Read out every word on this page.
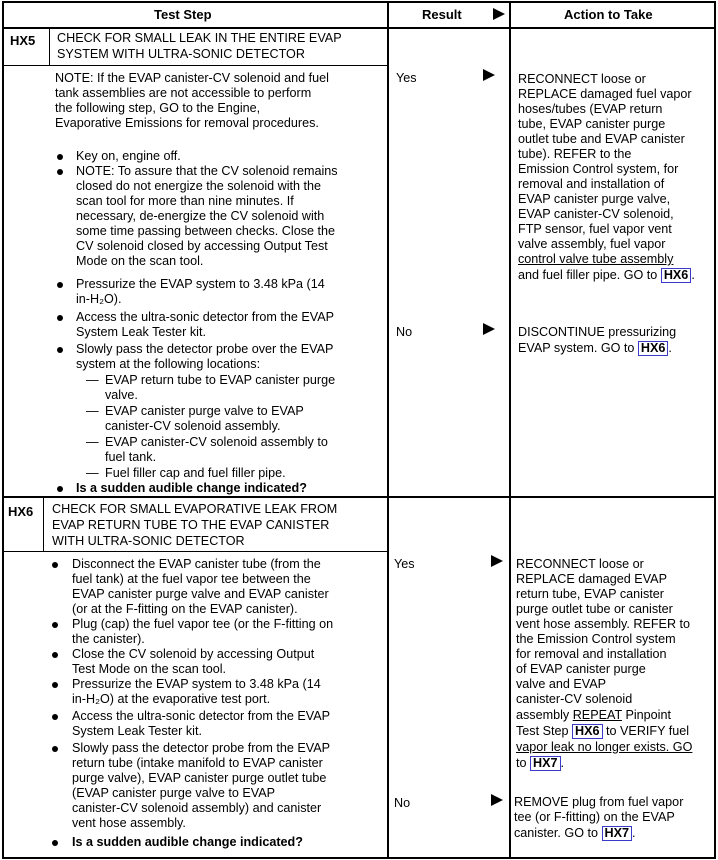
Test Step	Result	Action to Take
HX5 CHECK FOR SMALL LEAK IN THE ENTIRE EVAP
SYSTEM WITH ULTRA-SONIC DETECTOR
NOTE: If the EVAP canister-CV solenoid and fuel
tank assemblies are not accessible to perform
the following step, GO to the Engine,
Evaporative Emissions for removal procedures.
Key on, engine off.
NOTE: To assure that the CV solenoid remains
closed do not energize the solenoid with the
scan tool for more than nine minutes. If
necessary, de-energize the CV solenoid with
some time passing between checks. Close the
CV solenoid closed by accessing Output Test
Mode on the scan tool.
Pressurize the EVAP system to 3.48 kPa (14
in-H₂O).
Access the ultra-sonic detector from the EVAP
System Leak Tester kit.
Slowly pass the detector probe over the EVAP
system at the following locations:
— EVAP return tube to EVAP canister purge
valve.
— EVAP canister purge valve to EVAP
canister-CV solenoid assembly.
— EVAP canister-CV solenoid assembly to
fuel tank.
— Fuel filler cap and fuel filler pipe.
Is a sudden audible change indicated?
Yes	RECONNECT loose or
REPLACE damaged fuel vapor
hoses/tubes (EVAP return
tube, EVAP canister purge
outlet tube and EVAP canister
tube). REFER to the
Emission Control system, for
removal and installation of
EVAP canister purge valve,
EVAP canister-CV solenoid,
FTP sensor, fuel vapor vent
valve assembly, fuel vapor
control valve tube assembly
and fuel filler pipe. GO to HX6 .
No	DISCONTINUE pressurizing
EVAP system. GO to HX6 .
HX6 CHECK FOR SMALL EVAPORATIVE LEAK FROM
EVAP RETURN TUBE TO THE EVAP CANISTER
WITH ULTRA-SONIC DETECTOR
Disconnect the EVAP canister tube (from the
fuel tank) at the fuel vapor tee between the
EVAP canister purge valve and EVAP canister
(or at the F-fitting on the EVAP canister).
Plug (cap) the fuel vapor tee (or the F-fitting on
the canister).
Close the CV solenoid by accessing Output
Test Mode on the scan tool.
Pressurize the EVAP system to 3.48 kPa (14
in-H₂O) at the evaporative test port.
Access the ultra-sonic detector from the EVAP
System Leak Tester kit.
Slowly pass the detector probe from the EVAP
return tube (intake manifold to EVAP canister
purge valve), EVAP canister purge outlet tube
(EVAP canister purge valve to EVAP
canister-CV solenoid assembly) and canister
vent hose assembly.
Is a sudden audible change indicated?
Yes	RECONNECT loose or
REPLACE damaged EVAP
return tube, EVAP canister
purge outlet tube or canister
vent hose assembly. REFER to
the Emission Control system
for removal and installation
of EVAP canister purge
valve and EVAP
canister-CV solenoid
assembly REPEAT Pinpoint
Test Step HX6 to VERIFY fuel
vapor leak no longer exists. GO
to HX7 .
No	REMOVE plug from fuel vapor
tee (or F-fitting) on the EVAP
canister. GO to HX7 .
